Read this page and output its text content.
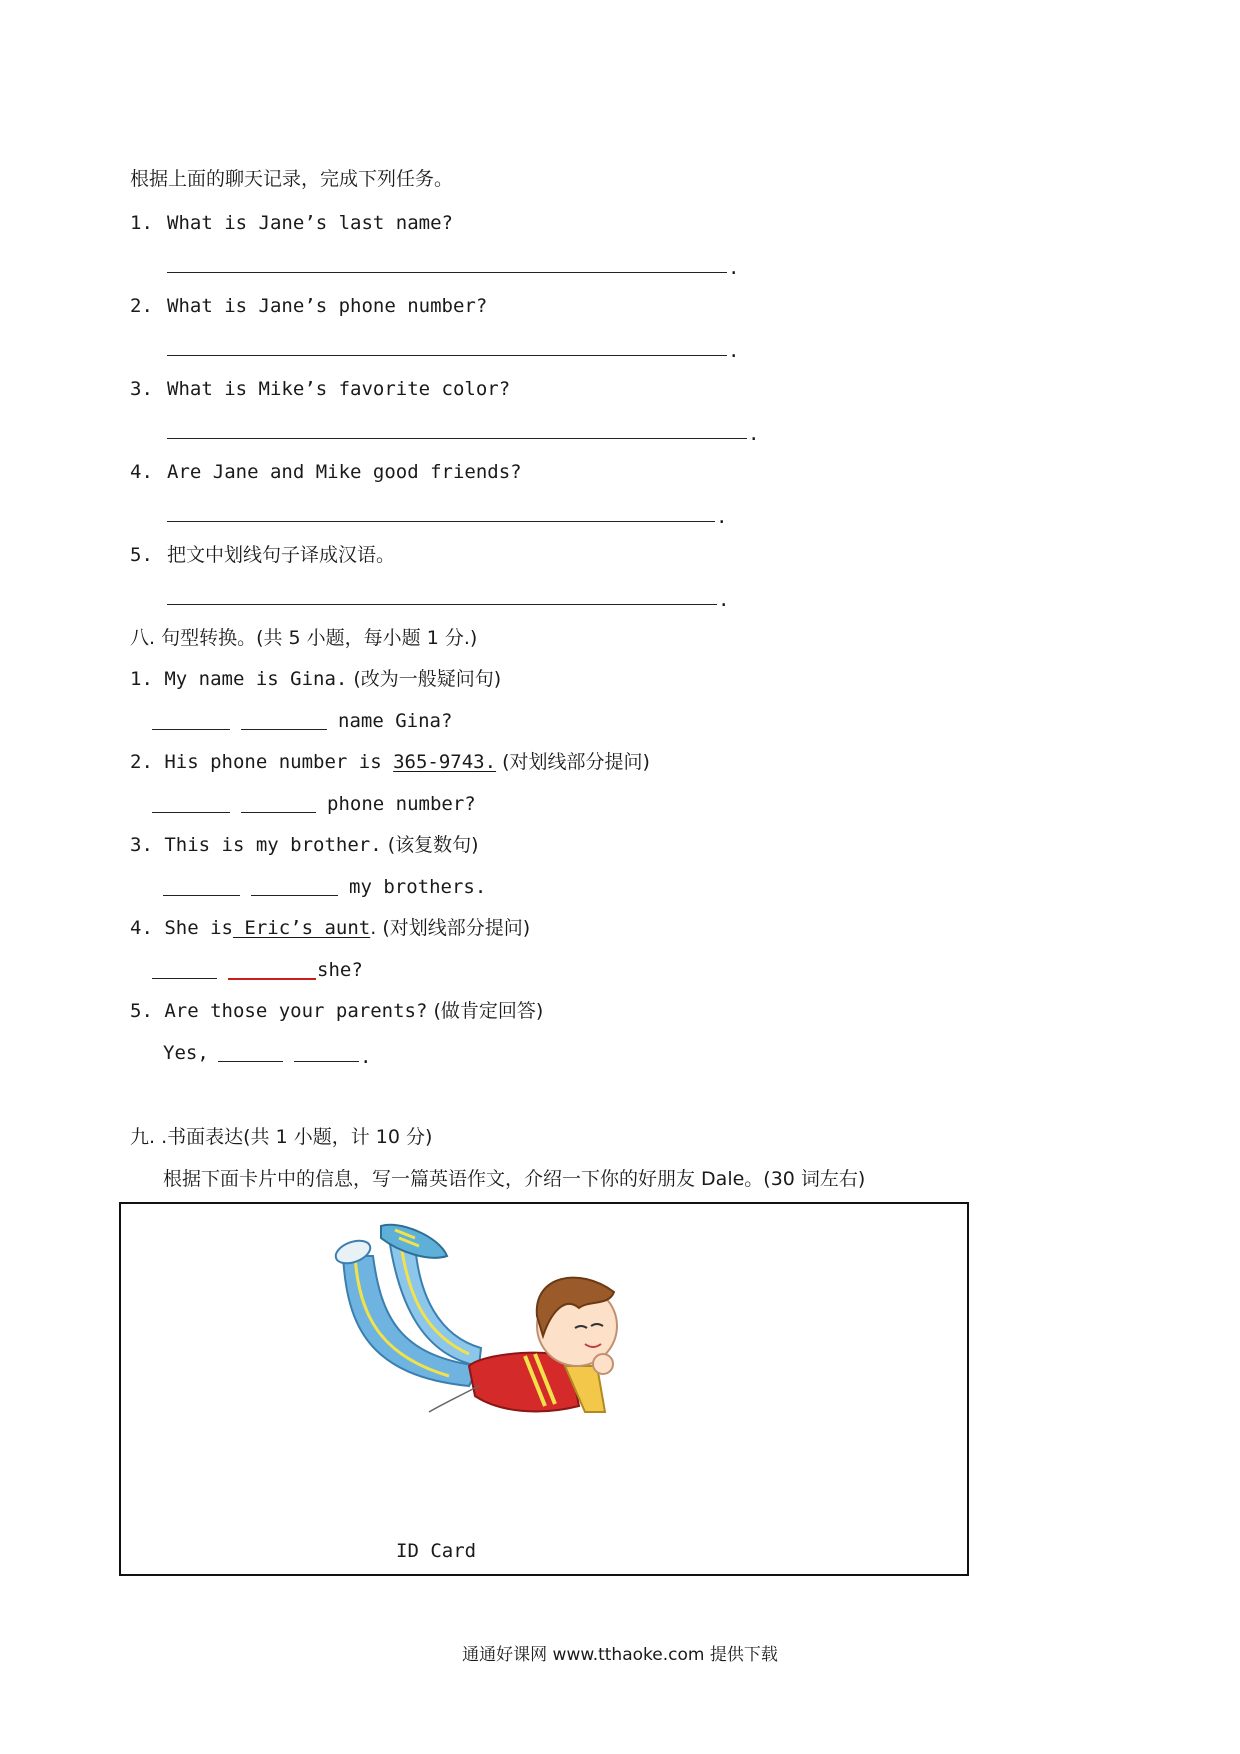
根据上面的聊天记录，完成下列任务。
1. What is Jane’s last name?
.
2. What is Jane’s phone number?
.
3. What is Mike’s favorite color?
.
4. Are Jane and Mike good friends?
.
5. 把文中划线句子译成汉语。
.
八. 句型转换。(共 5 小题，每小题 1 分.)
1. My name is Gina. (改为一般疑问句)
name Gina?
2. His phone number is 365-9743. (对划线部分提问)
phone number?
3. This is my brother. (该复数句)
my brothers.
4. She is Eric’s aunt. (对划线部分提问)
she?
5. Are those your parents? (做肯定回答)
Yes,	.
九. .书面表达(共 1 小题，计 10 分)
根据下面卡片中的信息，写一篇英语作文，介绍一下你的好朋友 Dale。(30 词左右)
ID Card
通通好课网 www.tthaoke.com 提供下载
